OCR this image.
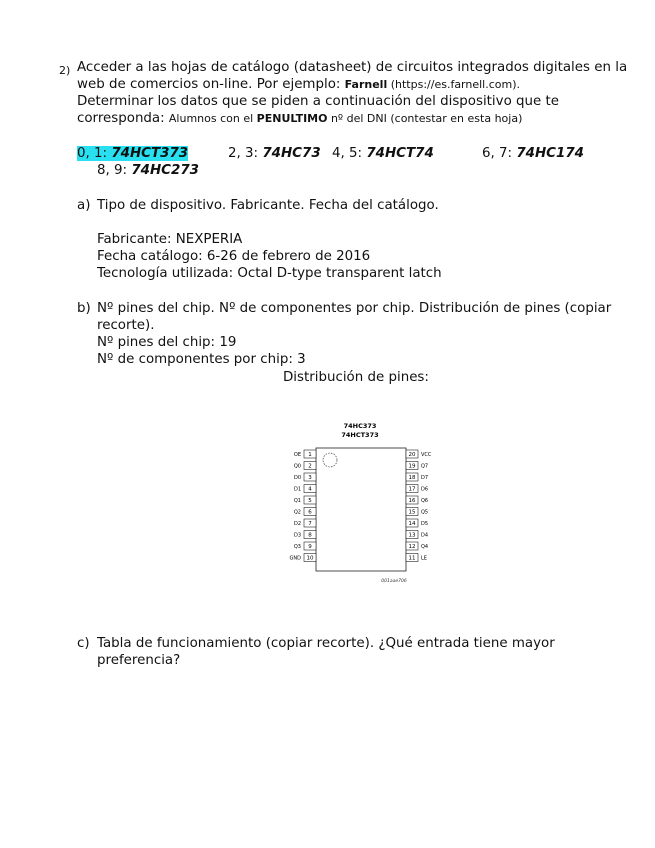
2) Acceder a las hojas de catálogo (datasheet) de circuitos integrados digitales en la
web de comercios on-line. Por ejemplo: Farnell (https://es.farnell.com).
Determinar los datos que se piden a continuación del dispositivo que te
corresponda: Alumnos con el PENULTIMO nº del DNI (contestar en esta hoja)
0, 1: 74HCT373	2, 3: 74HC73 4, 5: 74HCT74	6, 7: 74HC174
8, 9: 74HC273
a) Tipo de dispositivo. Fabricante. Fecha del catálogo.
Fabricante: NEXPERIA
Fecha catálogo: 6-26 de febrero de 2016
Tecnología utilizada: Octal D-type transparent latch
b) Nº pines del chip. Nº de componentes por chip. Distribución de pines (copiar
recorte).
Nº pines del chip: 19
Nº de componentes por chip: 3
Distribución de pines:
74HC373
74HCT373
1
OE
2
Q0
3
D0
4
D1
5
Q1
6
Q2
7
D2
8
D3
9
Q3
10
GND
20 VCC
19 Q7
18 D7
17 D6
16 Q6
15 Q5
14 D5
13 D4
12 Q4
11 LE
001aae706
c) Tabla de funcionamiento (copiar recorte). ¿Qué entrada tiene mayor
preferencia?
